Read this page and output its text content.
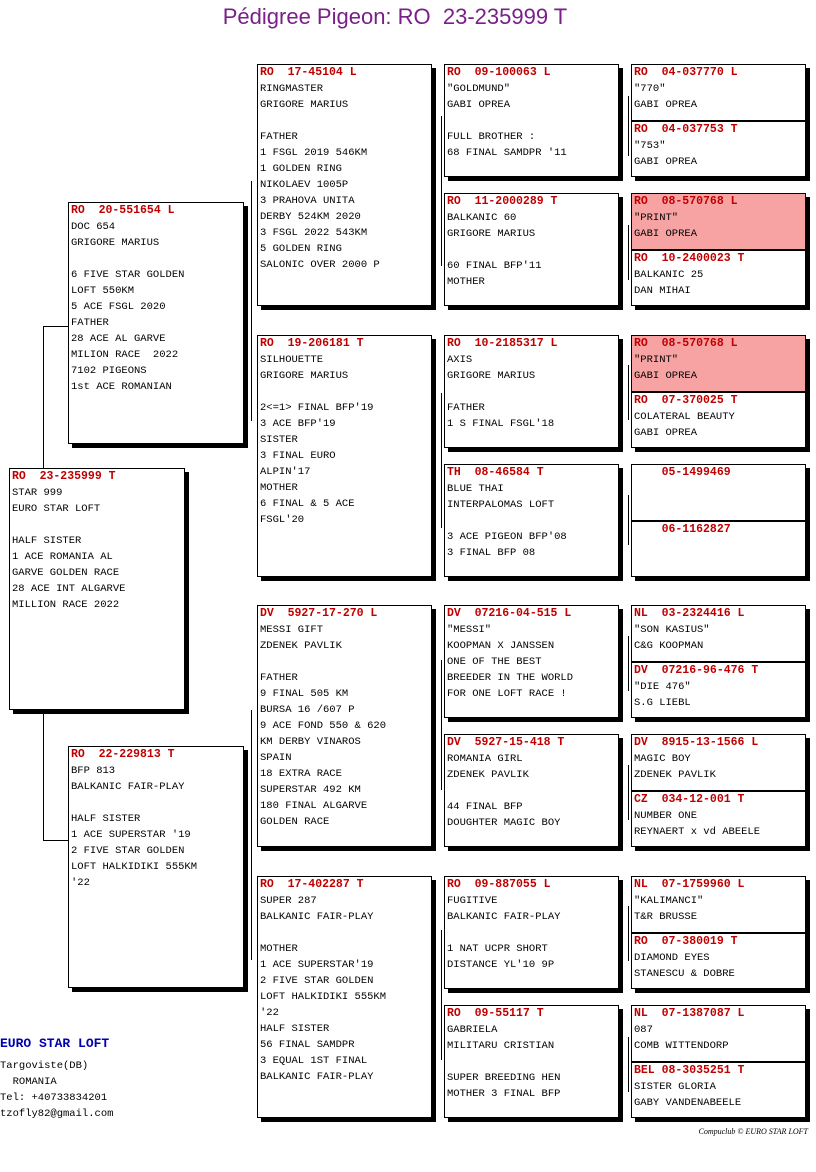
Pédigree Pigeon: RO  23-235999 T
RO  23-235999 T
STAR 999
EURO STAR LOFT
HALF SISTER
1 ACE ROMANIA AL
GARVE GOLDEN RACE
28 ACE INT ALGARVE
MILLION RACE 2022
RO  20-551654 L
DOC 654
GRIGORE MARIUS
6 FIVE STAR GOLDEN
LOFT 550KM
5 ACE FSGL 2020
FATHER
28 ACE AL GARVE
MILION RACE  2022
7102 PIGEONS
1st ACE ROMANIAN
RO  22-229813 T
BFP 813
BALKANIC FAIR-PLAY
HALF SISTER
1 ACE SUPERSTAR '19
2 FIVE STAR GOLDEN
LOFT HALKIDIKI 555KM
'22
RO  17-45104 L
RINGMASTER
GRIGORE MARIUS
FATHER
1 FSGL 2019 546KM
1 GOLDEN RING
NIKOLAEV 1005P
3 PRAHOVA UNITA
DERBY 524KM 2020
3 FSGL 2022 543KM
5 GOLDEN RING
SALONIC OVER 2000 P
RO  19-206181 T
SILHOUETTE
GRIGORE MARIUS
2<=1> FINAL BFP'19
3 ACE BFP'19
SISTER
3 FINAL EURO
ALPIN'17
MOTHER
6 FINAL & 5 ACE
FSGL'20
DV  5927-17-270 L
MESSI GIFT
ZDENEK PAVLIK
FATHER
9 FINAL 505 KM
BURSA 16 /607 P
9 ACE FOND 550 & 620
KM DERBY VINAROS
SPAIN
18 EXTRA RACE
SUPERSTAR 492 KM
180 FINAL ALGARVE
GOLDEN RACE
RO  17-402287 T
SUPER 287
BALKANIC FAIR-PLAY
MOTHER
1 ACE SUPERSTAR'19
2 FIVE STAR GOLDEN
LOFT HALKIDIKI 555KM
'22
HALF SISTER
56 FINAL SAMDPR
3 EQUAL 1ST FINAL
BALKANIC FAIR-PLAY
RO  09-100063 L
"GOLDMUND"
GABI OPREA
FULL BROTHER :
68 FINAL SAMDPR '11
RO  11-2000289 T
BALKANIC 60
GRIGORE MARIUS
60 FINAL BFP'11
MOTHER
RO  10-2185317 L
AXIS
GRIGORE MARIUS
FATHER
1 S FINAL FSGL'18
TH  08-46584 T
BLUE THAI
INTERPALOMAS LOFT
3 ACE PIGEON BFP'08
3 FINAL BFP 08
DV  07216-04-515 L
"MESSI"
KOOPMAN X JANSSEN
ONE OF THE BEST
BREEDER IN THE WORLD
FOR ONE LOFT RACE !
DV  5927-15-418 T
ROMANIA GIRL
ZDENEK PAVLIK
44 FINAL BFP
DOUGHTER MAGIC BOY
RO  09-887055 L
FUGITIVE
BALKANIC FAIR-PLAY
1 NAT UCPR SHORT
DISTANCE YL'10 9P
RO  09-55117 T
GABRIELA
MILITARU CRISTIAN
SUPER BREEDING HEN
MOTHER 3 FINAL BFP
RO  04-037770 L
"770"
GABI OPREA
RO  04-037753 T
"753"
GABI OPREA
RO  08-570768 L
"PRINT"
GABI OPREA
RO  10-2400023 T
BALKANIC 25
DAN MIHAI
RO  08-570768 L
"PRINT"
GABI OPREA
RO  07-370025 T
COLATERAL BEAUTY
GABI OPREA
05-1499469
06-1162827
NL  03-2324416 L
"SON KASIUS"
C&G KOOPMAN
DV  07216-96-476 T
"DIE 476"
S.G LIEBL
DV  8915-13-1566 L
MAGIC BOY
ZDENEK PAVLIK
CZ  034-12-001 T
NUMBER ONE
REYNAERT x vd ABEELE
NL  07-1759960 L
"KALIMANCI"
T&R BRUSSE
RO  07-380019 T
DIAMOND EYES
STANESCU & DOBRE
NL  07-1387087 L
087
COMB WITTENDORP
BEL 08-3035251 T
SISTER GLORIA
GABY VANDENABEELE
EURO STAR LOFT
Targoviste(DB)
ROMANIA
Tel: +40733834201
tzofly82@gmail.com
Compuclub © EURO STAR LOFT
